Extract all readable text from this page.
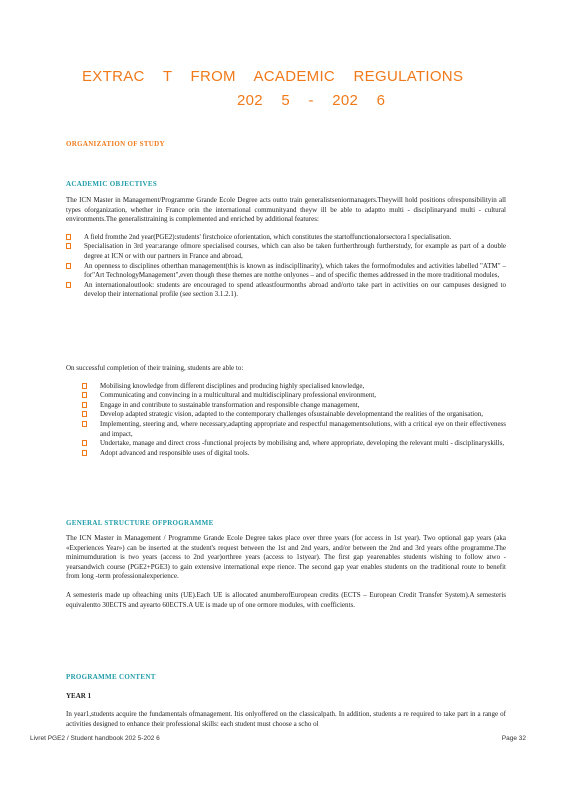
EXTRAC T FROM ACADEMIC REGULATIONS
202 5 - 202 6
ORGANIZATION OF STUDY
ACADEMIC OBJECTIVES
The ICN Master in Management/Programme Grande Ecole Degree acts outto train generalistseniormanagers.Theywill hold positions ofresponsibilityin all types oforganization, whether in France orin the international communityand theyw ill be able to adaptto multi - disciplinaryand multi - cultural environments.The generalisttraining is complemented and enriched by additional features:
A field fromthe 2nd year(PGE2):students' firstchoice oforientation, which constitutes the startoffunctionalorsectora l specialisation.
Specialisation in 3rd year:arange ofmore specialised courses, which can also be taken furtherthrough furtherstudy, for example as part of a double degree at ICN or with our partners in France and abroad,
An openness to disciplines otherthan management(this is known as indiscipllinarity), which takes the formofmodules and activities labelled "ATM" – for"Art TechnologyManagement",even though these themes are notthe onlyones – and of specific themes addressed in the more traditional modules,
An internationaloutlook: students are encouraged to spend atleastfourmonths abroad and/orto take part in activities on our campuses designed to develop their international profile (see section 3.1.2.1).
On successful completion of their training, students are able to:
Mobilising knowledge from different disciplines and producing highly specialised knowledge,
Communicating and convincing in a multicultural and multidisciplinary professional environment,
Engage in and contribute to sustainable transformation and responsible change management,
Develop adapted strategic vision, adapted to the contemporary challenges ofsustainable developmentand the realities of the organisation,
Implementing, steering and, where necessary,adapting appropriate and respectful managementsolutions, with a critical eye on their effectiveness and impact,
Undertake, manage and direct cross -functional projects by mobilising and, where appropriate, developing the relevant multi - disciplinaryskills,
Adopt advanced and responsible uses of digital tools.
GENERAL STRUCTURE OFPROGRAMME
The ICN Master in Management / Programme Grande Ecole Degree takes place over three years (for access in 1st year). Two optional gap years (aka «Experiences Year») can be inserted at the student's request between the 1st and 2nd years, and/or between the 2nd and 3rd years ofthe programme.The minimumduration is two years (access to 2nd year)orthree years (access to 1styear). The first gap yearenables students wishing to follow atwo - yearsandwich course (PGE2+PGE3) to gain extensive international expe rience. The second gap year enables students on the traditional route to benefit from long -term professionalexperience.
A semesteris made up ofteaching units (UE).Each UE is allocated anumberofEuropean credits (ECTS – European Credit Transfer System).A semesteris equivalentto 30ECTS and ayearto 60ECTS.A UE is made up of one ormore modules, with coefficients.
PROGRAMME CONTENT
YEAR 1
In year1,students acquire the fundamentals ofmanagement. Itis onlyoffered on the classicalpath. In addition, students a re required to take part in a range of activities designed to enhance their professional skills: each student must choose a scho ol
Livret PGE2 / Student handbook 202 5-202 6	Page 32
